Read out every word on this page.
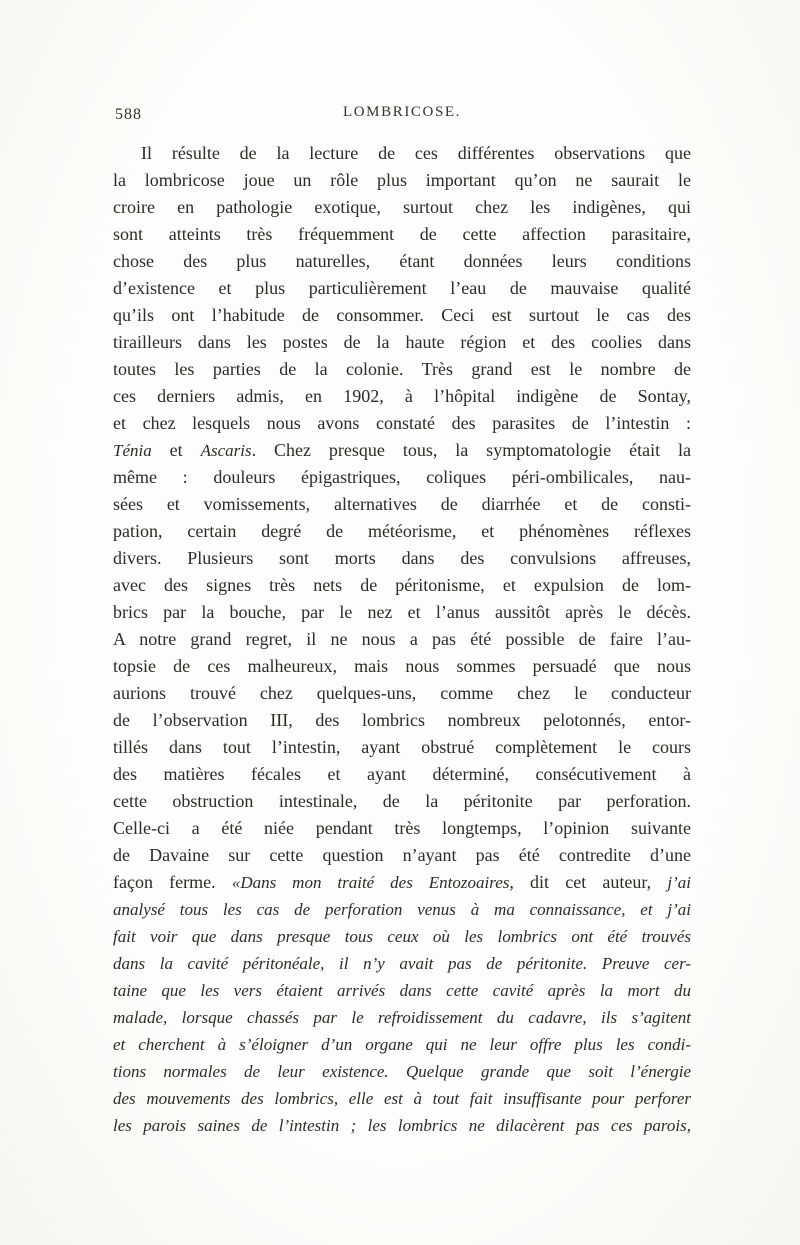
588	LOMBRICOSE.
Il résulte de la lecture de ces différentes observations que
la lombricose joue un rôle plus important qu’on ne saurait le
croire en pathologie exotique, surtout chez les indigènes, qui
sont atteints très fréquemment de cette affection parasitaire,
chose des plus naturelles, étant données leurs conditions
d’existence et plus particulièrement l’eau de mauvaise qualité
qu’ils ont l’habitude de consommer. Ceci est surtout le cas des
tirailleurs dans les postes de la haute région et des coolies dans
toutes les parties de la colonie. Très grand est le nombre de
ces derniers admis, en 1902, à l’hôpital indigène de Sontay,
et chez lesquels nous avons constaté des parasites de l’intestin :
Ténia et Ascaris. Chez presque tous, la symptomatologie était la
même : douleurs épigastriques, coliques péri-ombilicales, nau-
sées et vomissements, alternatives de diarrhée et de consti-
pation, certain degré de météorisme, et phénomènes réflexes
divers. Plusieurs sont morts dans des convulsions affreuses,
avec des signes très nets de péritonisme, et expulsion de lom-
brics par la bouche, par le nez et l’anus aussitôt après le décès.
A notre grand regret, il ne nous a pas été possible de faire l’au-
topsie de ces malheureux, mais nous sommes persuadé que nous
aurions trouvé chez quelques-uns, comme chez le conducteur
de l’observation III, des lombrics nombreux pelotonnés, entor-
tillés dans tout l’intestin, ayant obstrué complètement le cours
des matières fécales et ayant déterminé, consécutivement à
cette obstruction intestinale, de la péritonite par perforation.
Celle-ci a été niée pendant très longtemps, l’opinion suivante
de Davaine sur cette question n’ayant pas été contredite d’une
façon ferme. «Dans mon traité des Entozoaires, dit cet auteur, j’ai
analysé tous les cas de perforation venus à ma connaissance, et j’ai
fait voir que dans presque tous ceux où les lombrics ont été trouvés
dans la cavité péritonéale, il n’y avait pas de péritonite. Preuve cer-
taine que les vers étaient arrivés dans cette cavité après la mort du
malade, lorsque chassés par le refroidissement du cadavre, ils s’agitent
et cherchent à s’éloigner d’un organe qui ne leur offre plus les condi-
tions normales de leur existence. Quelque grande que soit l’énergie
des mouvements des lombrics, elle est à tout fait insuffisante pour perforer
les parois saines de l’intestin ; les lombrics ne dilacèrent pas ces parois,
